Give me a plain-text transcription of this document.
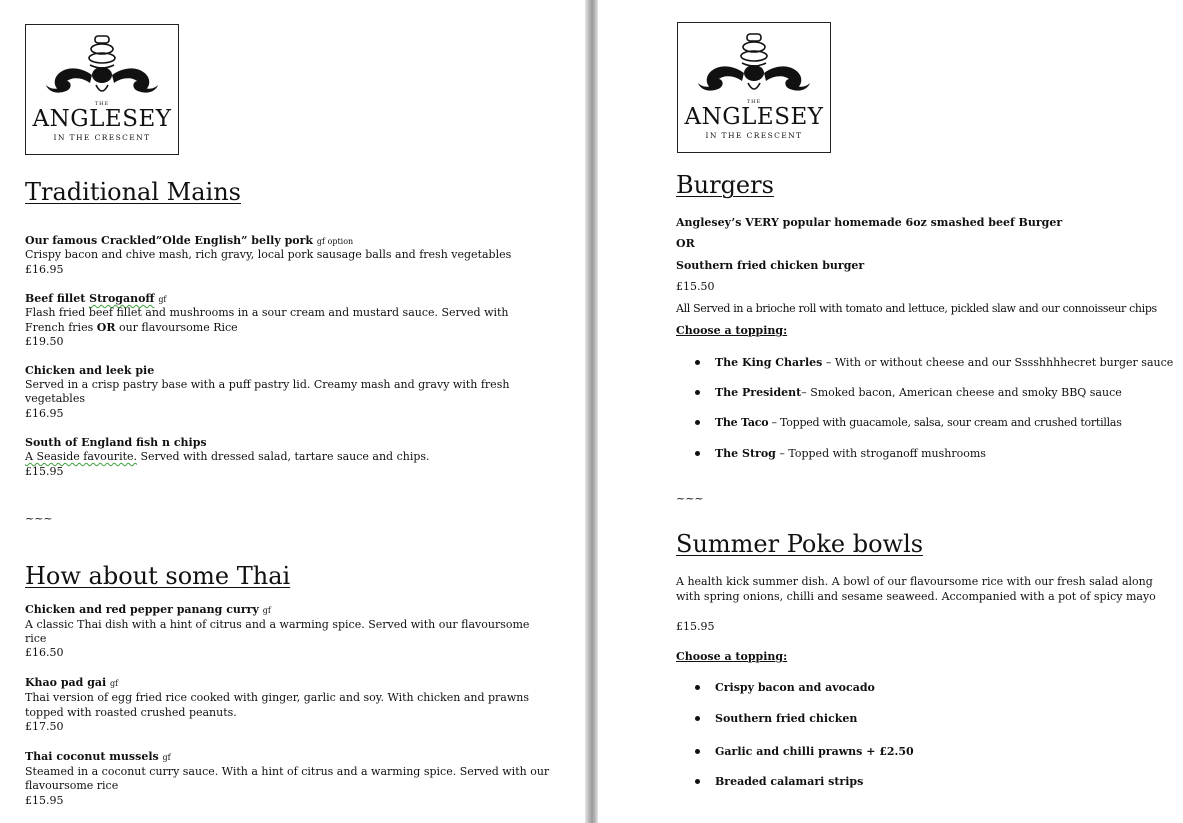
THE
ANGLESEY
IN THE CRESCENT
Traditional Mains
Our famous Crackled”Olde English” belly pork gf option
Crispy bacon and chive mash, rich gravy, local pork sausage balls and fresh vegetables
£16.95
Beef fillet Stroganoff gf
Flash fried beef fillet and mushrooms in a sour cream and mustard sauce. Served with
French fries OR our flavoursome Rice
£19.50
Chicken and leek pie
Served in a crisp pastry base with a puff pastry lid. Creamy mash and gravy with fresh
vegetables
£16.95
South of England fish n chips
A Seaside favourite. Served with dressed salad, tartare sauce and chips.
£15.95
~~~
How about some Thai
Chicken and red pepper panang curry gf
A classic Thai dish with a hint of citrus and a warming spice. Served with our flavoursome
rice
£16.50
Khao pad gai gf
Thai version of egg fried rice cooked with ginger, garlic and soy. With chicken and prawns
topped with roasted crushed peanuts.
£17.50
Thai coconut mussels gf
Steamed in a coconut curry sauce. With a hint of citrus and a warming spice. Served with our
flavoursome rice
£15.95
THE
ANGLESEY
IN THE CRESCENT
Burgers
Anglesey’s VERY popular homemade 6oz smashed beef Burger
OR
Southern fried chicken burger
£15.50
All Served in a brioche roll with tomato and lettuce, pickled slaw and our connoisseur chips
Choose a topping:
The King Charles – With or without cheese and our Sssshhhhecret burger sauce
The President– Smoked bacon, American cheese and smoky BBQ sauce
The Taco – Topped with guacamole, salsa, sour cream and crushed tortillas
The Strog – Topped with stroganoff mushrooms
~~~
Summer Poke bowls
A health kick summer dish. A bowl of our flavoursome rice with our fresh salad along
with spring onions, chilli and sesame seaweed. Accompanied with a pot of spicy mayo
£15.95
Choose a topping:
Crispy bacon and avocado
Southern fried chicken
Garlic and chilli prawns + £2.50
Breaded calamari strips
